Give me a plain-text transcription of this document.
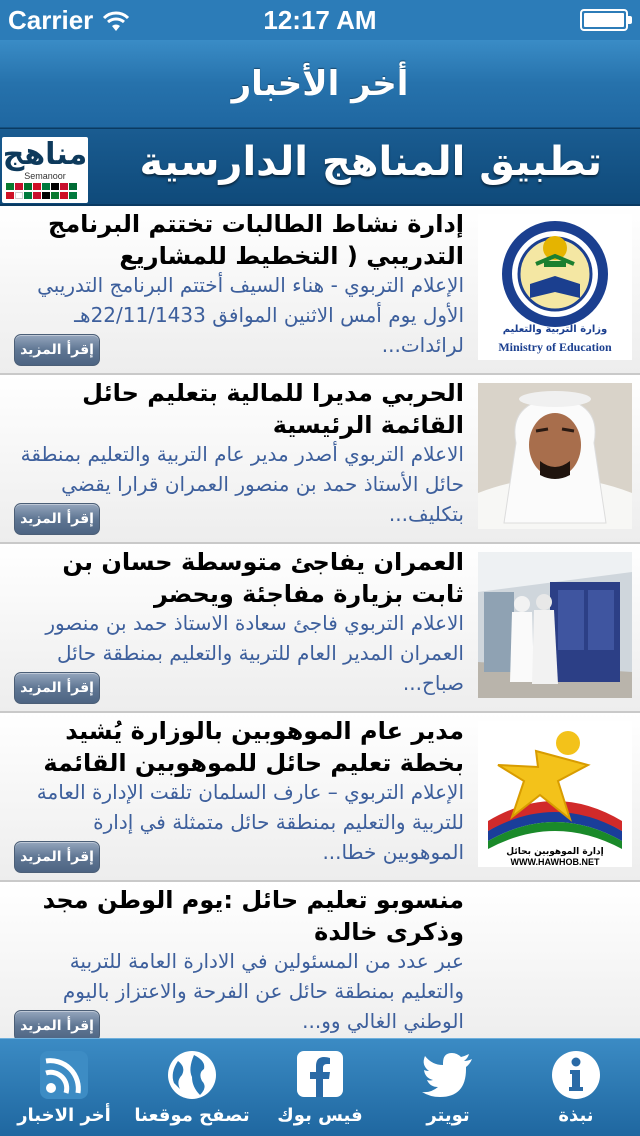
Carrier	12:17 AM
أخر الأخبار
مناهج
Semanoor	تطبيق المناهج الدارسية
وزارة التربية والتعليم
Ministry of Education
إدارة نشاط الطالبات تختتم البرنامج التدريبي ( التخطيط للمشاريع
الإعلام التربوي - هناء السيف أختتم البرنامج التدريبي الأول يوم أمس الاثنين الموافق 22/11/1433هـ لرائدات...
إقرأ المزيد
الحربي مديرا للمالية بتعليم حائل القائمة الرئيسية
الاعلام التربوي أصدر مدير عام التربية والتعليم بمنطقة حائل الأستاذ حمد بن منصور العمران قرارا يقضي بتكليف...
إقرأ المزيد
العمران يفاجئ متوسطة حسان بن ثابت بزيارة مفاجئة ويحضر
الاعلام التربوي فاجئ سعادة الاستاذ حمد بن منصور العمران المدير العام للتربية والتعليم بمنطقة حائل صباح...
إقرأ المزيد
إدارة الموهوبين بحائل WWW.HAWHOB.NET
مدير عام الموهوبين بالوزارة يُشيد بخطة تعليم حائل للموهوبين القائمة
الإعلام التربوي – عارف السلمان تلقت الإدارة العامة للتربية والتعليم بمنطقة حائل متمثلة في إدارة الموهوبين خطا...
إقرأ المزيد
منسوبو تعليم حائل :يوم الوطن مجد وذكرى خالدة
عبر عدد من المسئولين في الادارة العامة للتربية والتعليم بمنطقة حائل عن الفرحة والاعتزاز باليوم الوطني الغالي وو...
إقرأ المزيد
أخر الاخبار تصفح موقعنا فيس بوك	تويتر	نبذة
